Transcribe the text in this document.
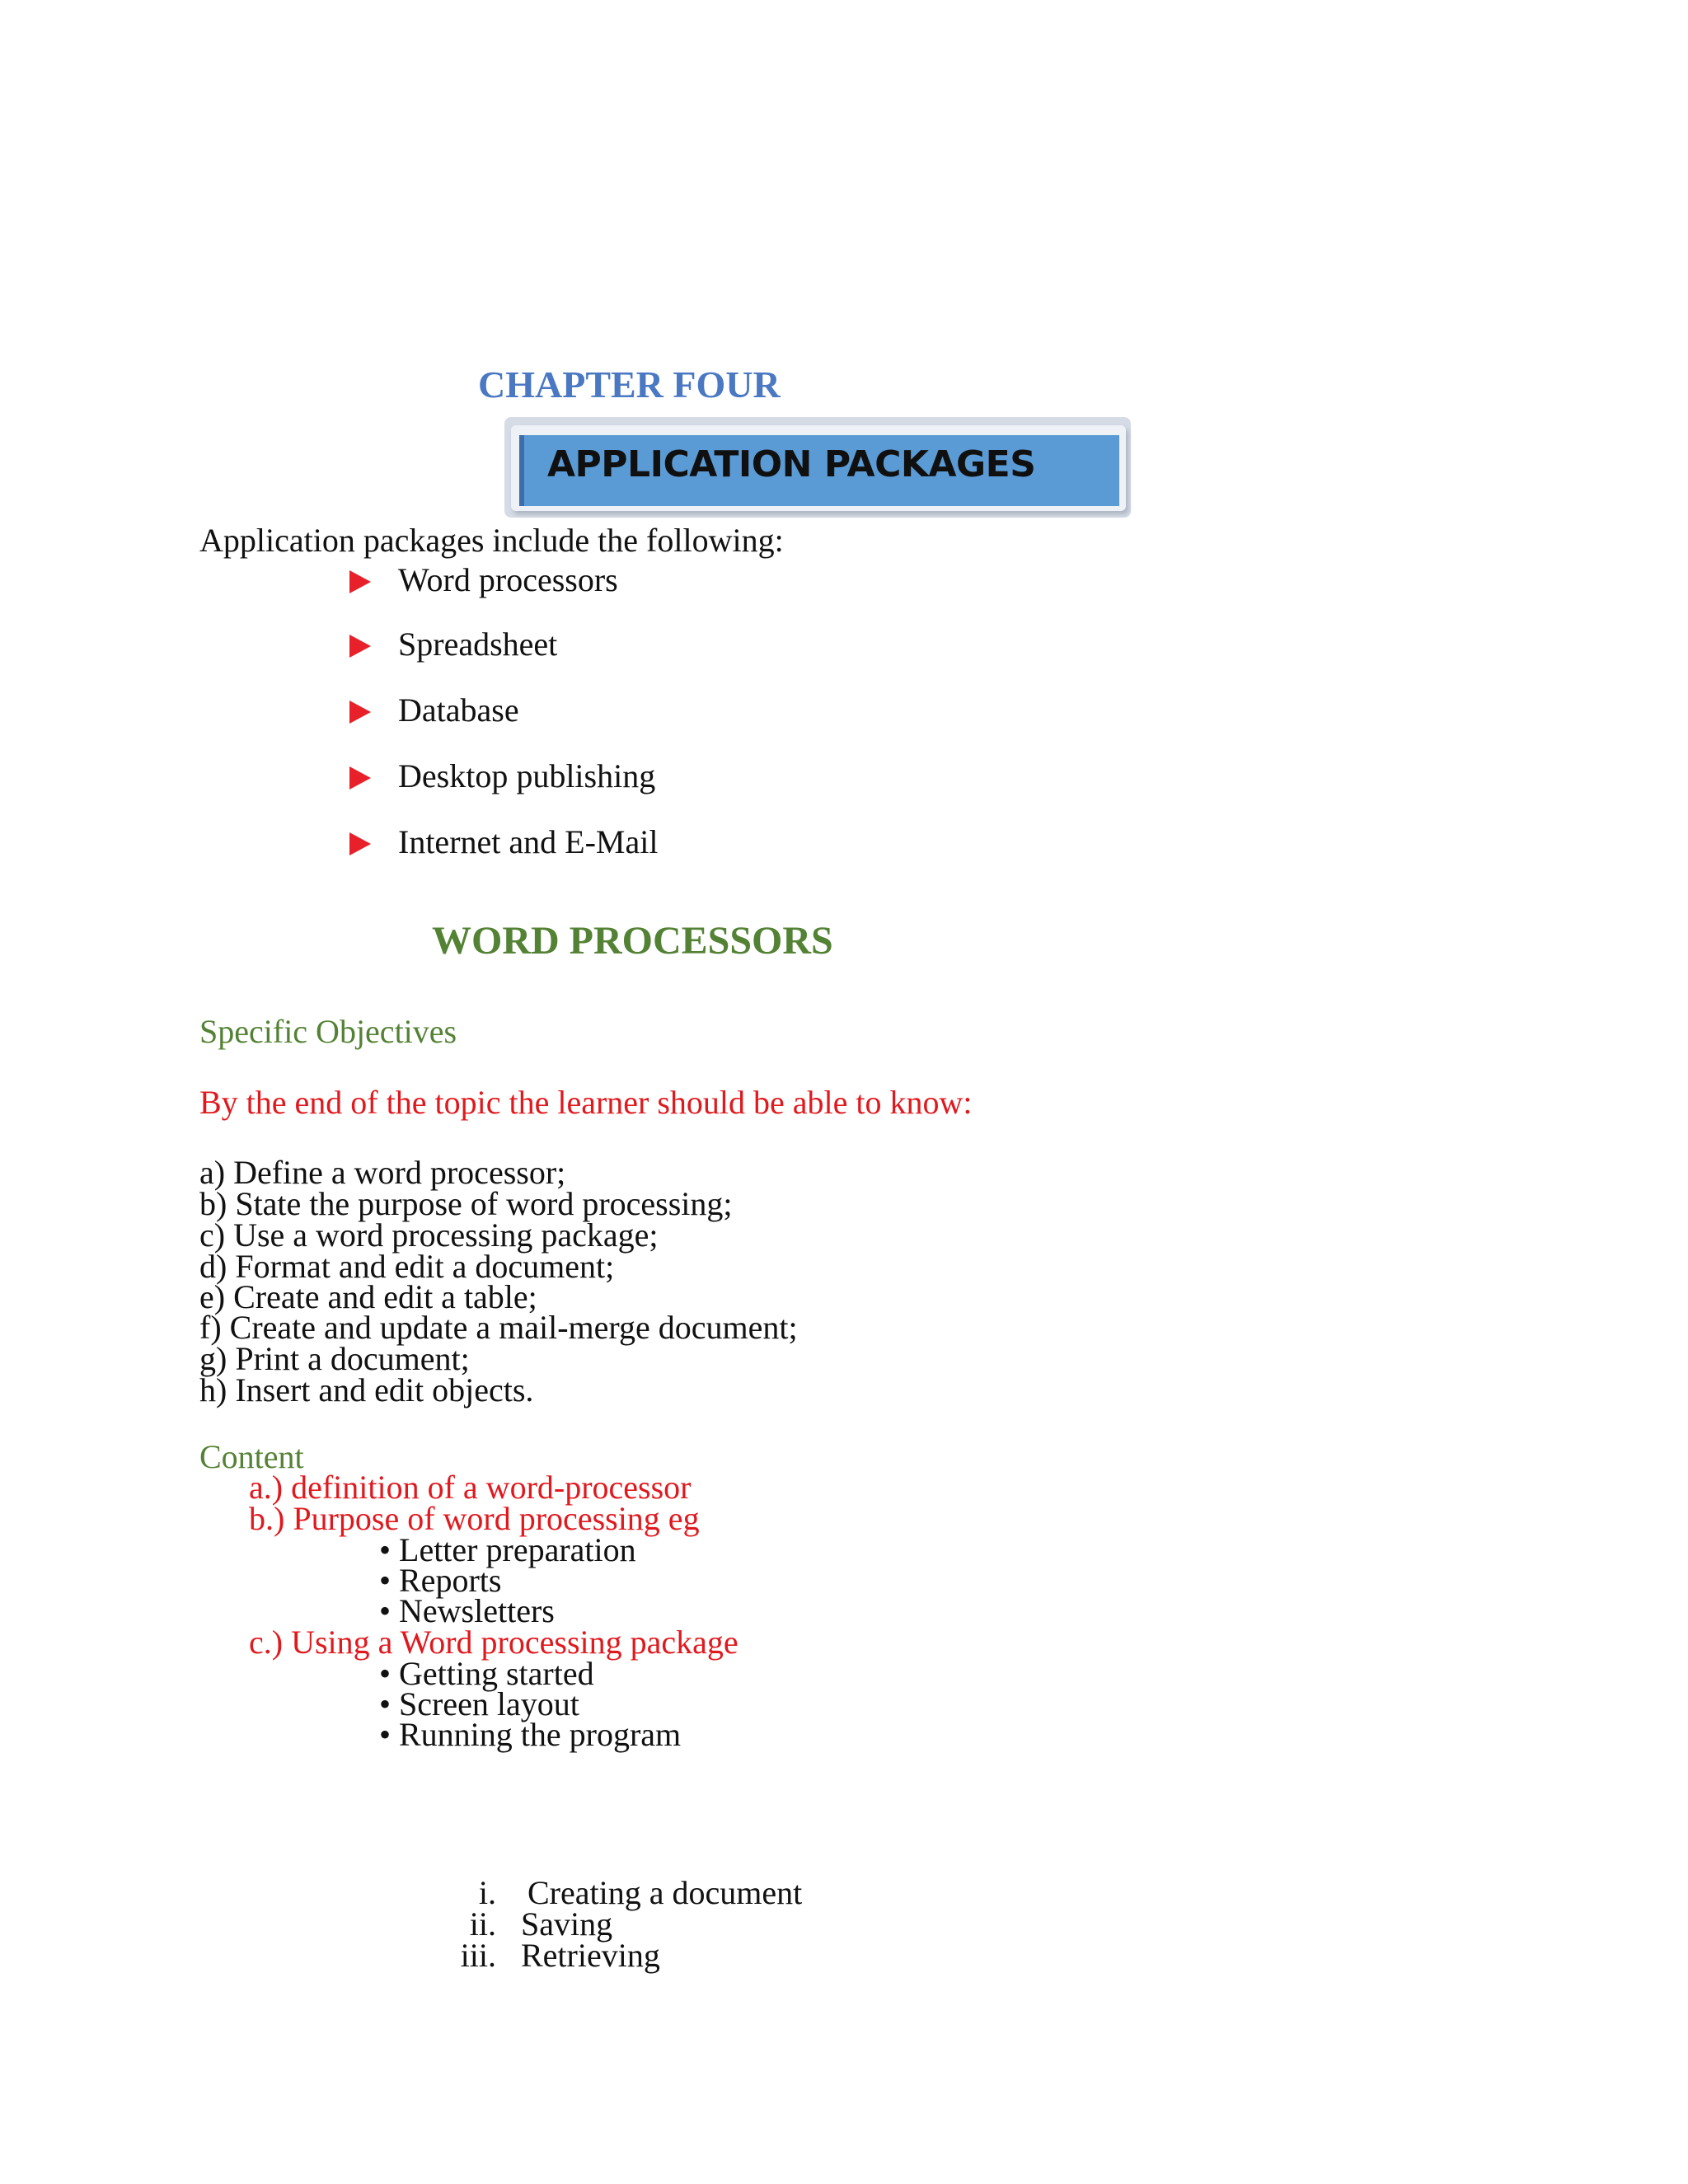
CHAPTER FOUR
APPLICATION PACKAGES
Application packages include the following:
Word processors
Spreadsheet
Database
Desktop publishing
Internet and E-Mail
WORD PROCESSORS
Specific Objectives
By the end of the topic the learner should be able to know:
a) Define a word processor;
b) State the purpose of word processing;
c) Use a word processing package;
d) Format and edit a document;
e) Create and edit a table;
f) Create and update a mail-merge document;
g) Print a document;
h) Insert and edit objects.
Content
a.) definition of a word-processor
b.) Purpose of word processing eg
• Letter preparation
• Reports
• Newsletters
c.) Using a Word processing package
• Getting started
• Screen layout
• Running the program
i. Creating a document
ii. Saving
iii. Retrieving
